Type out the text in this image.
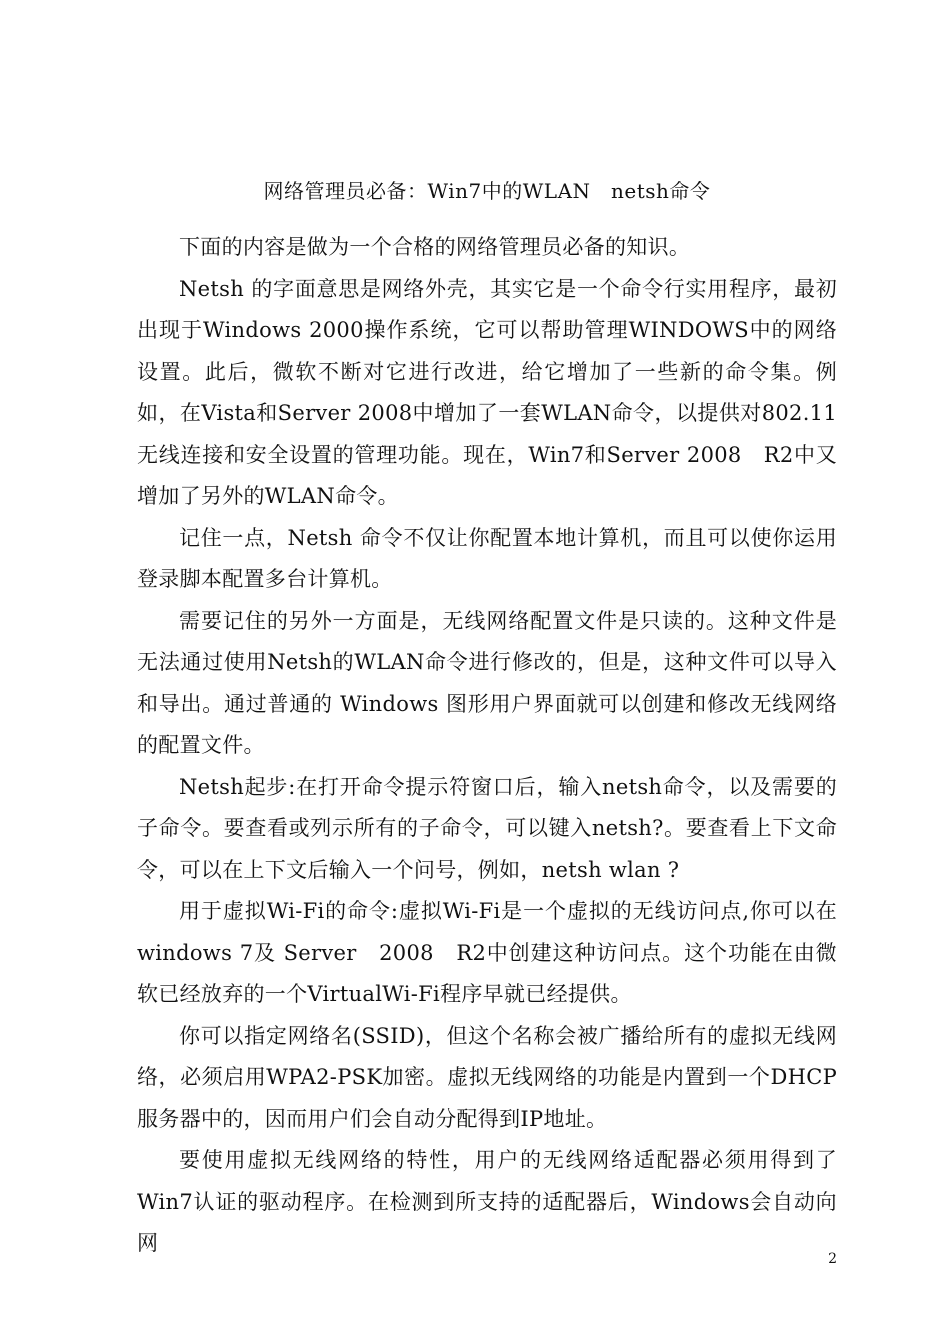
网络管理员必备：Win7中的WLAN　netsh命令

下面的内容是做为一个合格的网络管理员必备的知识。

Netsh 的字面意思是网络外壳，其实它是一个命令行实用程序，最初出现于Windows 2000操作系统，它可以帮助管理WINDOWS中的网络设置。此后，微软不断对它进行改进，给它增加了一些新的命令集。例如，在Vista和Server 2008中增加了一套WLAN命令，以提供对802.11无线连接和安全设置的管理功能。现在，Win7和Server 2008　R2中又增加了另外的WLAN命令。

记住一点，Netsh 命令不仅让你配置本地计算机，而且可以使你运用登录脚本配置多台计算机。

需要记住的另外一方面是，无线网络配置文件是只读的。这种文件是无法通过使用Netsh的WLAN命令进行修改的，但是，这种文件可以导入和导出。通过普通的 Windows 图形用户界面就可以创建和修改无线网络的配置文件。

Netsh起步:在打开命令提示符窗口后，输入netsh命令，以及需要的子命令。要查看或列示所有的子命令，可以键入netsh?。要查看上下文命令，可以在上下文后输入一个问号，例如，netsh wlan ?

用于虚拟Wi-Fi的命令:虚拟Wi-Fi是一个虚拟的无线访问点,你可以在 windows 7及 Server　2008　R2中创建这种访问点。这个功能在由微软已经放弃的一个VirtualWi-Fi程序早就已经提供。

你可以指定网络名(SSID)，但这个名称会被广播给所有的虚拟无线网络，必须启用WPA2-PSK加密。虚拟无线网络的功能是内置到一个DHCP服务器中的，因而用户们会自动分配得到IP地址。

要使用虚拟无线网络的特性，用户的无线网络适配器必须用得到了Win7认证的驱动程序。在检测到所支持的适配器后，Windows会自动向网

2
